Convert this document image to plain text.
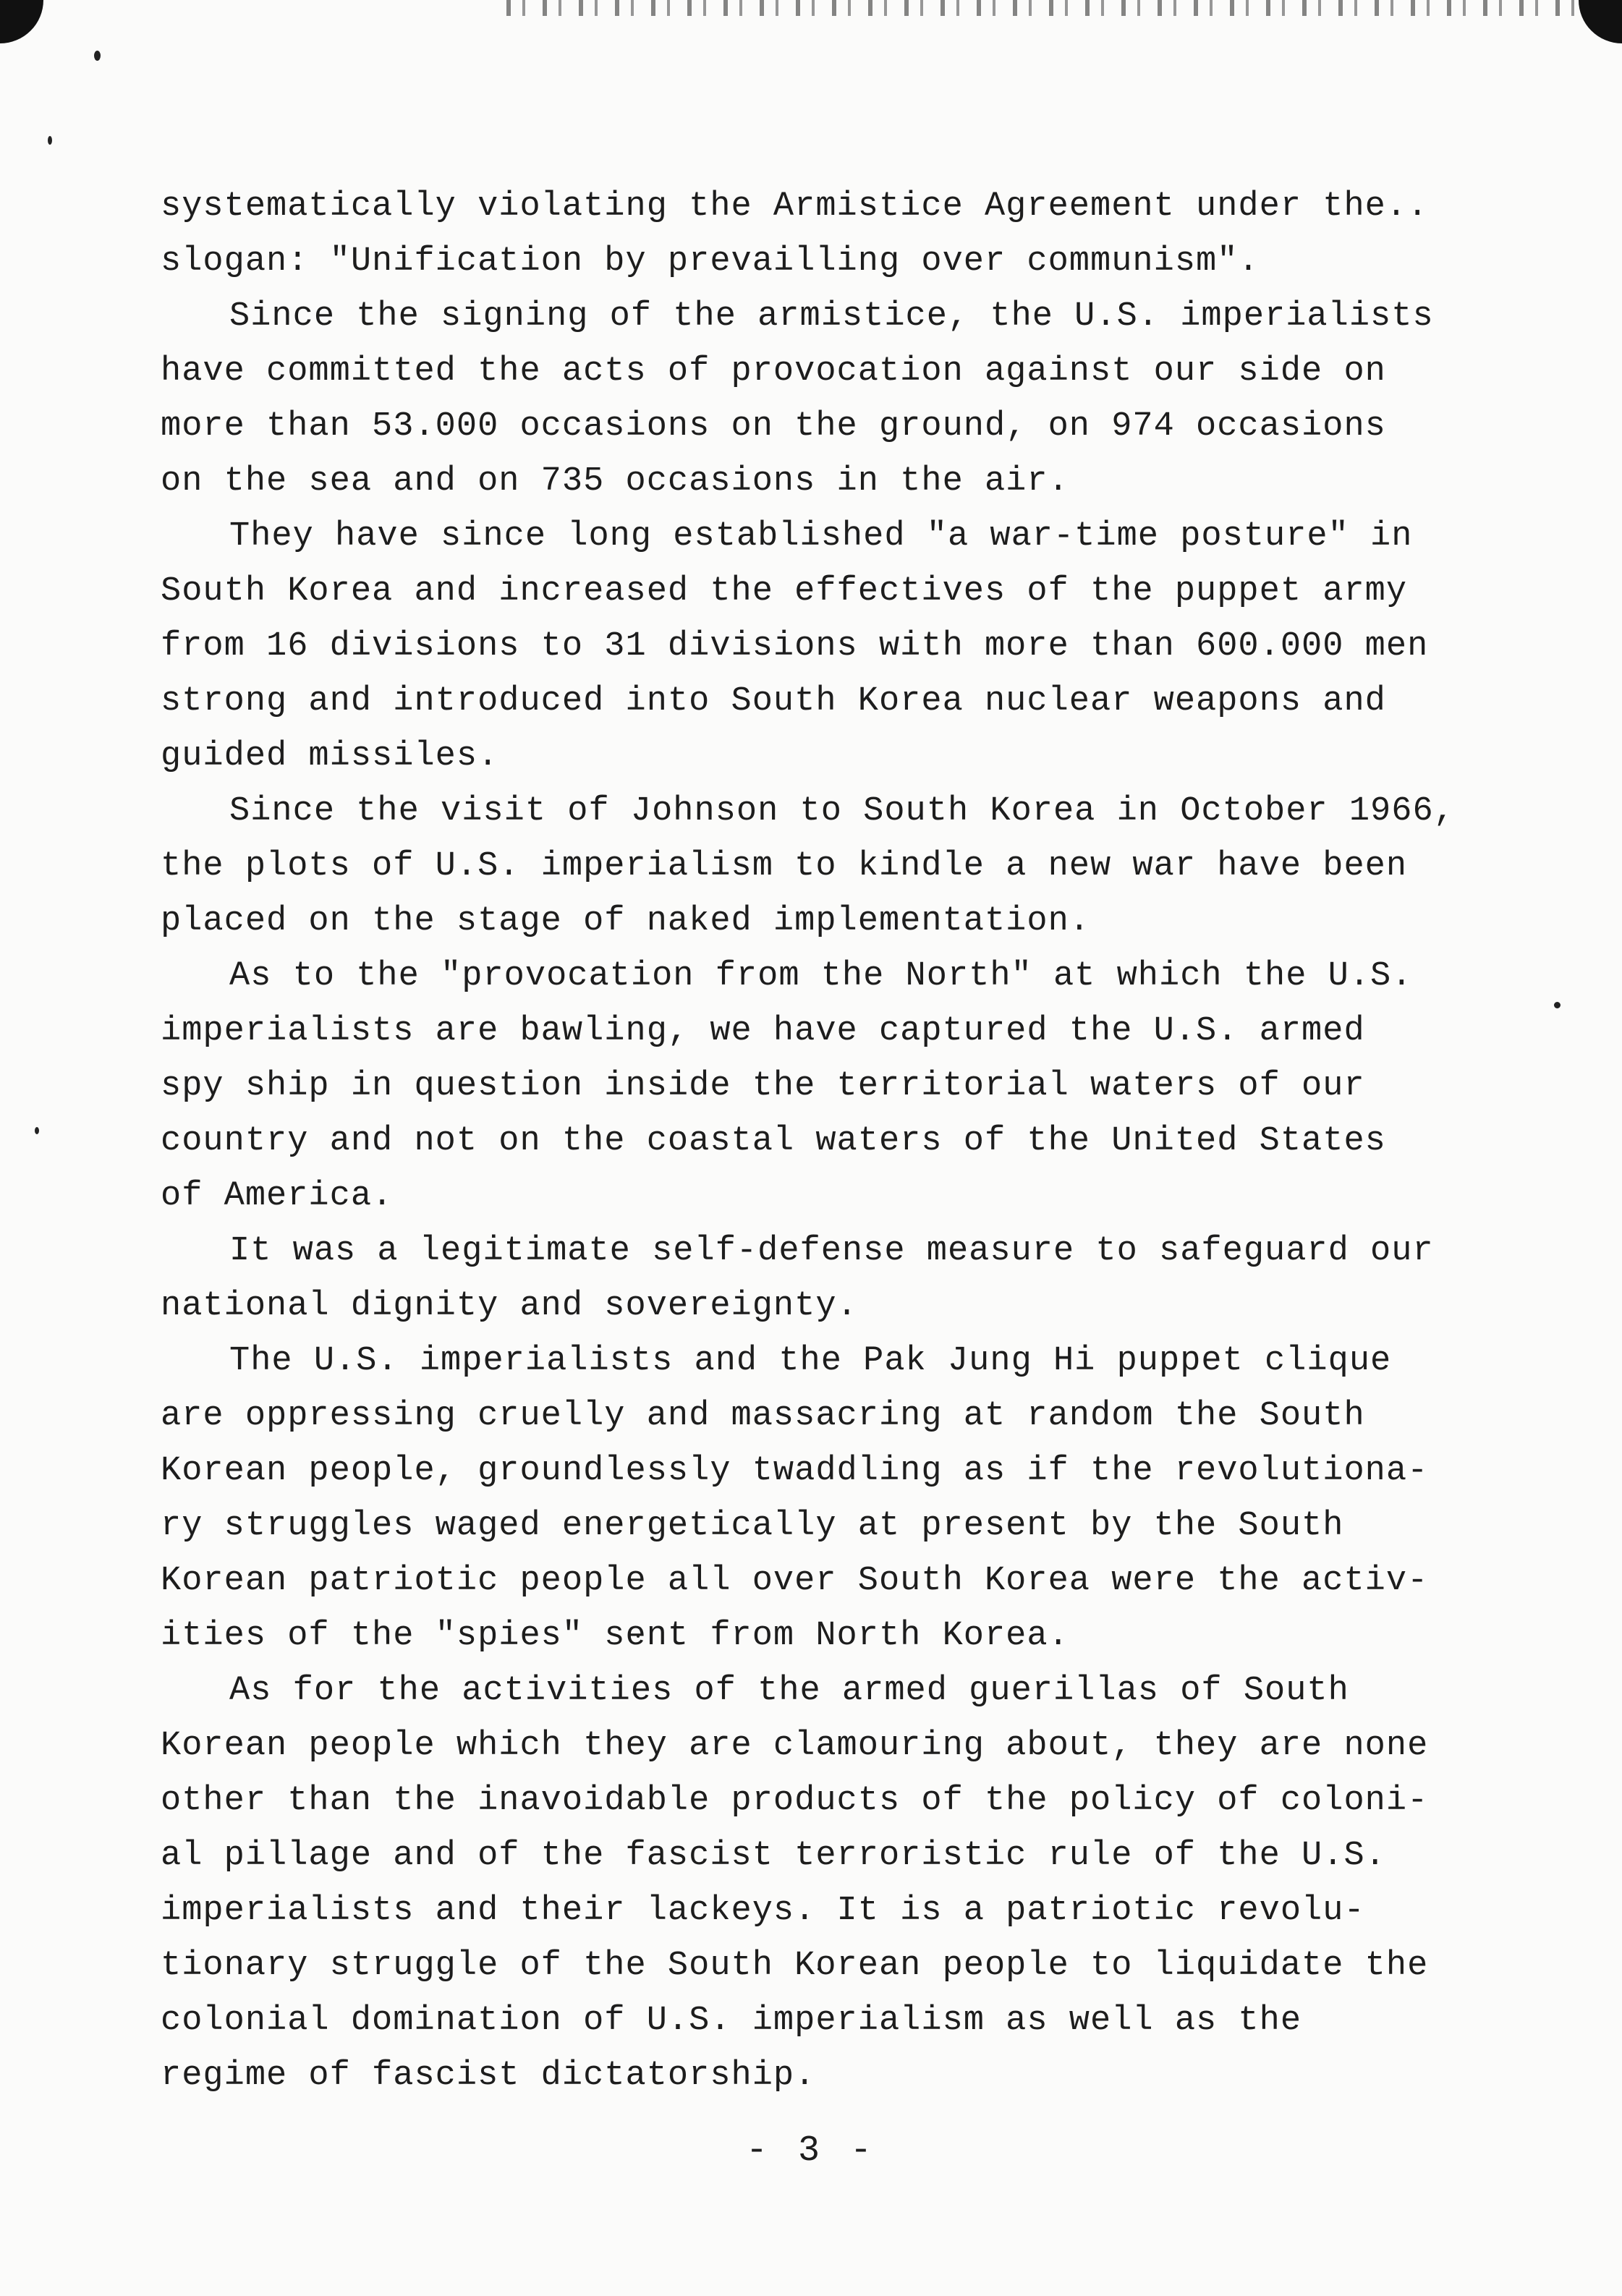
systematically violating the Armistice Agreement under the..
slogan: "Unification by prevailling over communism".

Since the signing of the armistice, the U.S. imperialists
have committed the acts of provocation against our side on
more than 53.000 occasions on the ground, on 974 occasions
on the sea and on 735 occasions in the air.

They have since long established "a war-time posture" in
South Korea and increased the effectives of the puppet army
from 16 divisions to 31 divisions with more than 600.000 men
strong and introduced into South Korea nuclear weapons and
guided missiles.

Since the visit of Johnson to South Korea in October 1966,
the plots of U.S. imperialism to kindle a new war have been
placed on the stage of naked implementation.

As to the "provocation from the North" at which the U.S.
imperialists are bawling, we have captured the U.S. armed
spy ship in question inside the territorial waters of our
country and not on the coastal waters of the United States
of America.

It was a legitimate self-defense measure to safeguard our
national dignity and sovereignty.

The U.S. imperialists and the Pak Jung Hi puppet clique
are oppressing cruelly and massacring at random the South
Korean people, groundlessly twaddling as if the revolutiona-
ry struggles waged energetically at present by the South
Korean patriotic people all over South Korea were the activ-
ities of the "spies" sent from North Korea.

As for the activities of the armed guerillas of South
Korean people which they are clamouring about, they are none
other than the inavoidable products of the policy of coloni-
al pillage and of the fascist terroristic rule of the U.S.
imperialists and their lackeys. It is a patriotic revolu-
tionary struggle of the South Korean people to liquidate the
colonial domination of U.S. imperialism as well as the
regime of fascist dictatorship.

- 3 -
